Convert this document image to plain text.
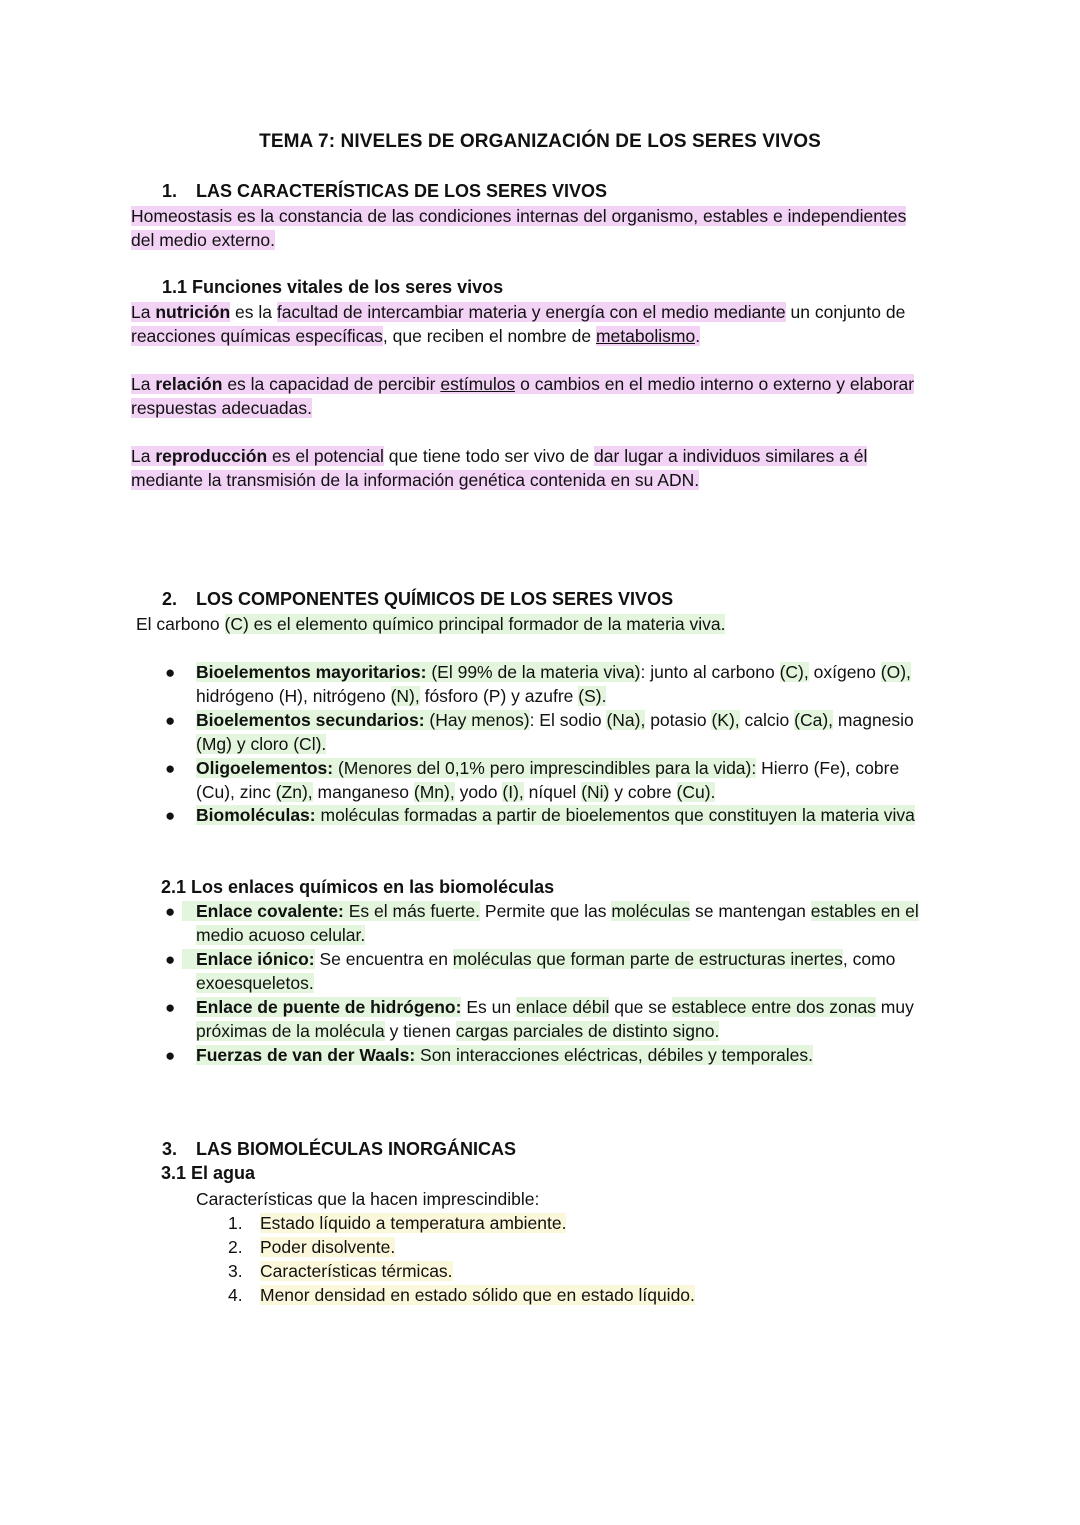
TEMA 7: NIVELES DE ORGANIZACIÓN DE LOS SERES VIVOS
1. LAS CARACTERÍSTICAS DE LOS SERES VIVOS
Homeostasis es la constancia de las condiciones internas del organismo, estables e independientes
del medio externo.
1.1 Funciones vitales de los seres vivos
La nutrición es la facultad de intercambiar materia y energía con el medio mediante un conjunto de
reacciones químicas específicas, que reciben el nombre de metabolismo.
La relación es la capacidad de percibir estímulos o cambios en el medio interno o externo y elaborar
respuestas adecuadas.
La reproducción es el potencial que tiene todo ser vivo de dar lugar a individuos similares a él
mediante la transmisión de la información genética contenida en su ADN.
2. LOS COMPONENTES QUÍMICOS DE LOS SERES VIVOS
El carbono (C) es el elemento químico principal formador de la materia viva.
● Bioelementos mayoritarios: (El 99% de la materia viva): junto al carbono (C), oxígeno (O),
hidrógeno (H), nitrógeno (N), fósforo (P) y azufre (S).
● Bioelementos secundarios: (Hay menos): El sodio (Na), potasio (K), calcio (Ca), magnesio
(Mg) y cloro (Cl).
● Oligoelementos: (Menores del 0,1% pero imprescindibles para la vida): Hierro (Fe), cobre
(Cu), zinc (Zn), manganeso (Mn), yodo (I), níquel (Ni) y cobre (Cu).
● Biomoléculas: moléculas formadas a partir de bioelementos que constituyen la materia viva
2.1 Los enlaces químicos en las biomoléculas
●	Enlace covalente: Es el más fuerte. Permite que las moléculas se mantengan estables en el
medio acuoso celular.
●	Enlace iónico: Se encuentra en moléculas que forman parte de estructuras inertes, como
exoesqueletos.
● Enlace de puente de hidrógeno: Es un enlace débil que se establece entre dos zonas muy
próximas de la molécula y tienen cargas parciales de distinto signo.
● Fuerzas de van der Waals: Son interacciones eléctricas, débiles y temporales.
3. LAS BIOMOLÉCULAS INORGÁNICAS
3.1 El agua
Características que la hacen imprescindible:
1. Estado líquido a temperatura ambiente.
2. Poder disolvente.
3. Características térmicas.
4. Menor densidad en estado sólido que en estado líquido.
